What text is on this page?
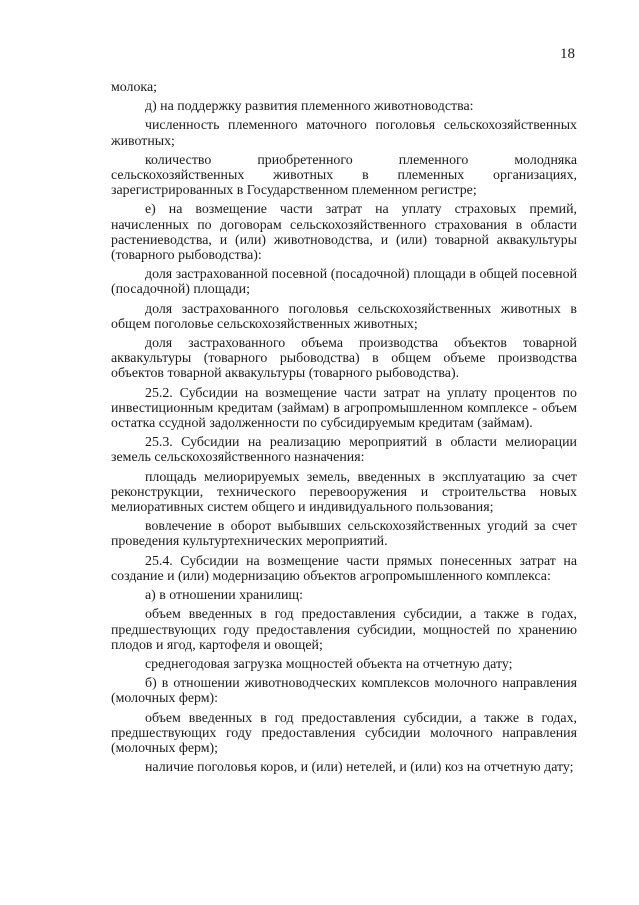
18

молока;

д) на поддержку развития племенного животноводства:

численность племенного маточного поголовья сельскохозяйственных животных;

количество приобретенного племенного молодняка сельскохозяйственных животных в племенных организациях, зарегистрированных в Государственном племенном регистре;

е) на возмещение части затрат на уплату страховых премий, начисленных по договорам сельскохозяйственного страхования в области растениеводства, и (или) животноводства, и (или) товарной аквакультуры (товарного рыбоводства):

доля застрахованной посевной (посадочной) площади в общей посевной (посадочной) площади;

доля застрахованного поголовья сельскохозяйственных животных в общем поголовье сельскохозяйственных животных;

доля застрахованного объема производства объектов товарной аквакультуры (товарного рыбоводства) в общем объеме производства объектов товарной аквакультуры (товарного рыбоводства).

25.2. Субсидии на возмещение части затрат на уплату процентов по инвестиционным кредитам (займам) в агропромышленном комплексе - объем остатка ссудной задолженности по субсидируемым кредитам (займам).

25.3. Субсидии на реализацию мероприятий в области мелиорации земель сельскохозяйственного назначения:

площадь мелиорируемых земель, введенных в эксплуатацию за счет реконструкции, технического перевооружения и строительства новых мелиоративных систем общего и индивидуального пользования;

вовлечение в оборот выбывших сельскохозяйственных угодий за счет проведения культуртехнических мероприятий.

25.4. Субсидии на возмещение части прямых понесенных затрат на создание и (или) модернизацию объектов агропромышленного комплекса:

а) в отношении хранилищ:

объем введенных в год предоставления субсидии, а также в годах, предшествующих году предоставления субсидии, мощностей по хранению плодов и ягод, картофеля и овощей;

среднегодовая загрузка мощностей объекта на отчетную дату;

б) в отношении животноводческих комплексов молочного направления (молочных ферм):

объем введенных в год предоставления субсидии, а также в годах, предшествующих году предоставления субсидии молочного направления (молочных ферм);

наличие поголовья коров, и (или) нетелей, и (или) коз на отчетную дату;
